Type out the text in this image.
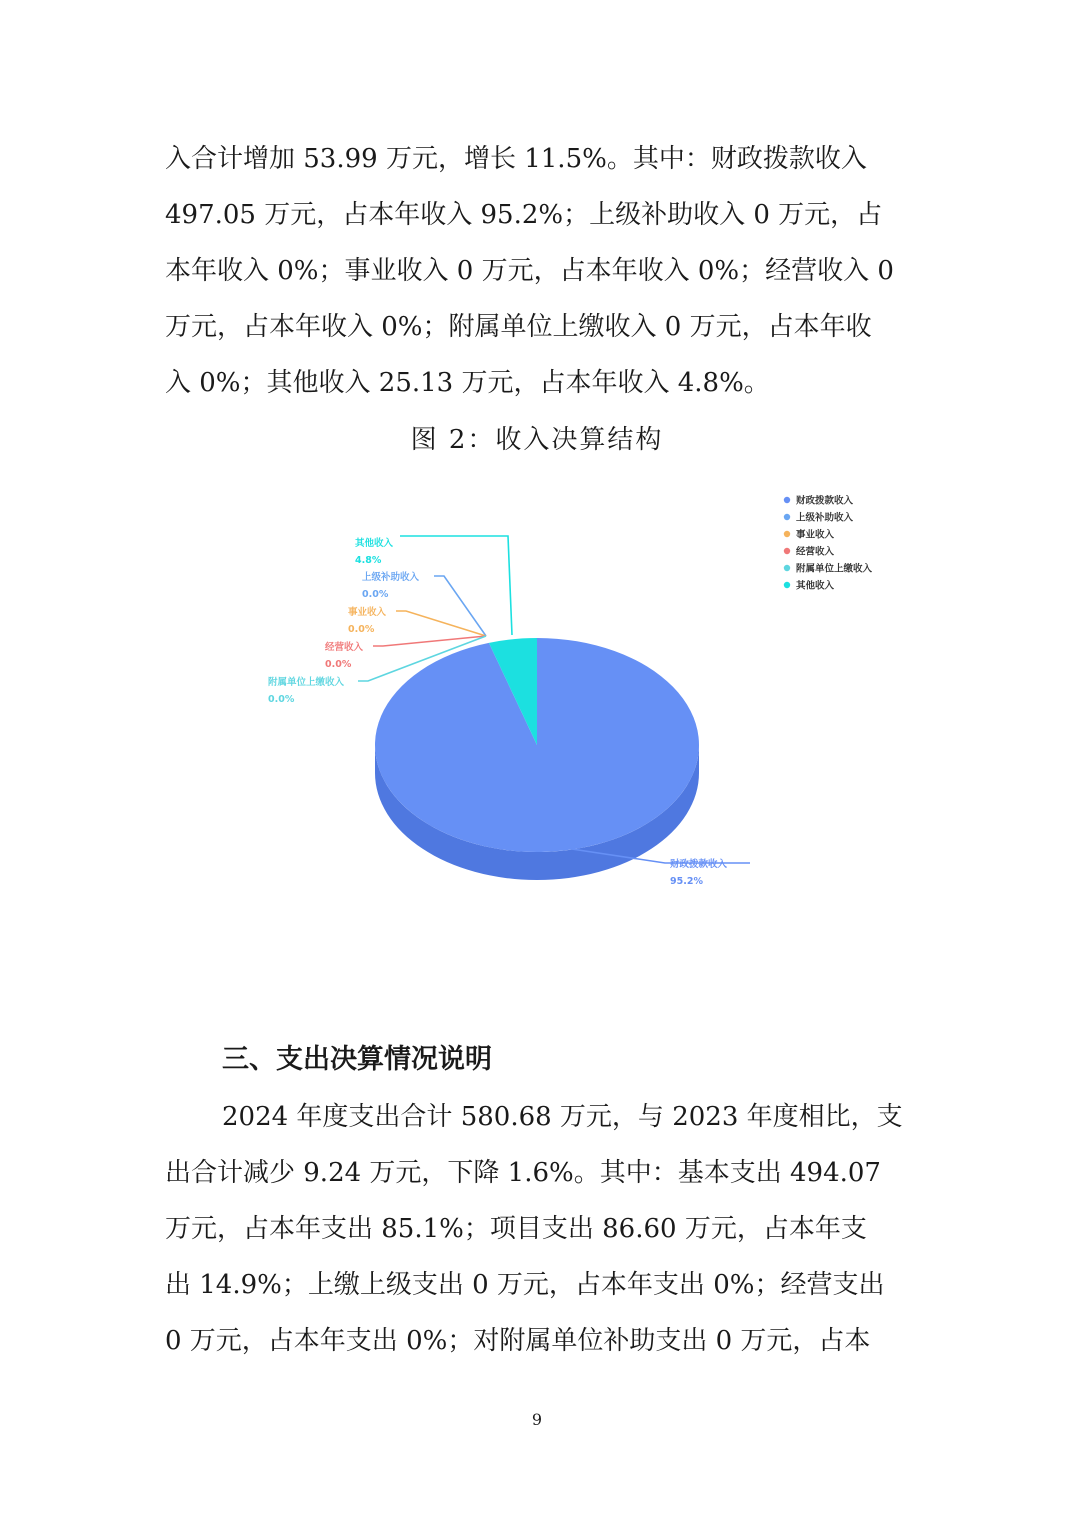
入合计增加 53.99 万元，增长 11.5%。其中：财政拨款收入

497.05 万元，占本年收入 95.2%；上级补助收入 0 万元，占

本年收入 0%；事业收入 0 万元，占本年收入 0%；经营收入 0

万元，占本年收入 0%；附属单位上缴收入 0 万元，占本年收

入 0%；其他收入 25.13 万元，占本年收入 4.8%。

图 2：收入决算结构
财政拨款收入
95.2%
上级补助收入
0.0%
事业收入
0.0%
经营收入
0.0%
附属单位上缴收入
0.0%
其他收入
4.8%
财政拨款收入
上级补助收入
事业收入
经营收入
附属单位上缴收入
其他收入
三、支出决算情况说明

2024 年度支出合计 580.68 万元，与 2023 年度相比，支

出合计减少 9.24 万元，下降 1.6%。其中：基本支出 494.07

万元，占本年支出 85.1%；项目支出 86.60 万元，占本年支

出 14.9%；上缴上级支出 0 万元，占本年支出 0%；经营支出

0 万元，占本年支出 0%；对附属单位补助支出 0 万元，占本

9
